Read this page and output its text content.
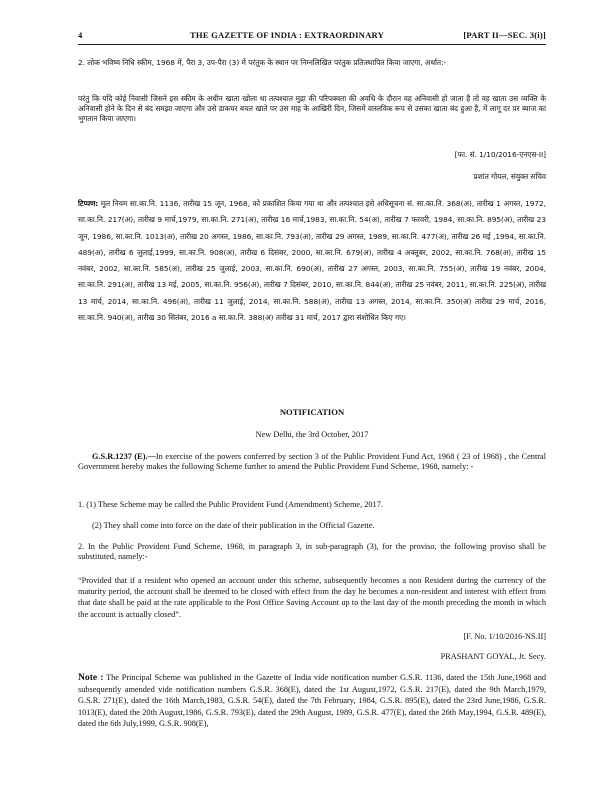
4	THE GAZETTE OF INDIA : EXTRAORDINARY	[PART II—SEC. 3(i)]
2. लोक भविष्य निधि स्कीम, 1968 में, पैरा 3, उप-पैरा (3) में परंतुक के स्थान पर निम्नलिखित परंतुक प्रतिःस्थापित किया जाएगा, अर्थात:-
परंतु कि यदि कोई निवासी जिसने इस स्कीम के अधीन खाता खोला था तत्पश्चात मुद्रा की परिपक्वता की अवधि के दौरान वह अनिवासी हो जाता है तो वह खाता उस व्यक्ति के अनिवासी होने के दिन से बंद समझा जाएगा और उसे डाकघर बचत खाते पर उस माह के आखिरी दिन, जिसमें वास्तविक रूप से उसका खाता बंद हुआ है, में लागू दर पर ब्याज का भुगतान किया जाएगा।
[फा. सं. 1/10/2016-एनएस-II]
प्रशांत गोयल, संयुक्त सचिव
टिप्पण: मूल नियम सा.का.नि. 1136, तारीख 15 जून, 1968, को प्रकाशित किया गया था और तत्पश्चात इसे अधिसूचना सं. सा.का.नि. 368(अ), तारीख 1 अगस्त, 1972, सा.का.नि. 217(अ), तारीख 9 मार्च,1979, सा.का.नि. 271(अ), तारीख 16 मार्च,1983, सा.का.नि. 54(अ), तारीख 7 फरवरी, 1984, सा.का.नि. 895(अ), तारीख 23 जून, 1986, सा.का.नि. 1013(अ), तारीख 20 अगस्त, 1986, सा.का.नि. 793(अ), तारीख 29 अगस्त, 1989, सा.का.नि. 477(अ), तारीख 26 मई ,1994, सा.का.नि. 489(अ), तारीख 6 जुलाई,1999, सा.का.नि. 908(अ), तारीख 6 दिसंबर, 2000, सा.का.नि. 679(अ), तारीख 4 अक्तूबर, 2002, सा.का.नि. 768(अ), तारीख 15 नवंबर, 2002, सा.का.नि. 585(अ), तारीख 25 जुलाई, 2003, सा.का.नि. 690(अ), तारीख 27 अगस्त, 2003, सा.का.नि. 755(अ), तारीख 19 नवंबर, 2004, सा.का.नि. 291(अ), तारीख 13 मई, 2005, सा.का.नि. 956(अ), तारीख 7 दिसंबर, 2010, सा.का.नि. 844(अ), तारीख 25 नवंबर, 2011, सा.का.नि. 225(अ), तारीख 13 मार्च, 2014, सा.का.नि. 496(अ), तारीख 11 जुलाई, 2014, सा.का.नि. 588(अ), तारीख 13 अगस्त, 2014, सा.का.नि. 350(अ) तारीख 29 मार्च, 2016, सा.का.नि. 940(अ), तारीख 30 सितंबर, 2016 a सा.का.नि. 388(अ) तारीख 31 मार्च, 2017 द्वारा संशोधित किए गए।
NOTIFICATION
New Delhi, the 3rd October, 2017
G.S.R.1237 (E).—In exercise of the powers conferred by section 3 of the Public Provident Fund Act, 1968 ( 23 of 1968) , the Central Government hereby makes the following Scheme further to amend the Public Provident Fund Scheme, 1968, namely: -
1. (1) These Scheme may be called the Public Provident Fund (Amendment) Scheme, 2017.
(2) They shall come into force on the date of their publication in the Official Gazette.
2. In the Public Provident Fund Scheme, 1968, in paragraph 3, in sub-paragraph (3), for the proviso, the following proviso shall be substituted, namely:-
“Provided that if a resident who opened an account under this scheme, subsequently becomes a non Resident during the currency of the maturity period, the account shall be deemed to be closed with effect from the day he becomes a non-resident and interest with effect from that date shall be paid at the rate applicable to the Post Office Saving Account up to the last day of the month preceding the month in which the account is actually closed”.
[F. No. 1/10/2016-NS.II]
PRASHANT GOYAL, Jt. Secy.
Note : The Principal Scheme was published in the Gazette of India vide notification number G.S.R. 1136, dated the 15th June,1968 and subsequently amended vide notification numbers G.S.R. 368(E), dated the 1st August,1972, G.S.R. 217(E), dated the 9th March,1979, G.S.R. 271(E), dated the 16th March,1983, G.S.R. 54(E), dated the 7th February, 1984, G.S.R. 895(E), dated the 23rd June,1986, G.S.R. 1013(E), dated the 20th August,1986, G.S.R. 793(E), dated the 29th August, 1989, G.S.R. 477(E), dated the 26th May,1994, G.S.R. 489(E), dated the 6th July,1999, G.S.R. 908(E),
